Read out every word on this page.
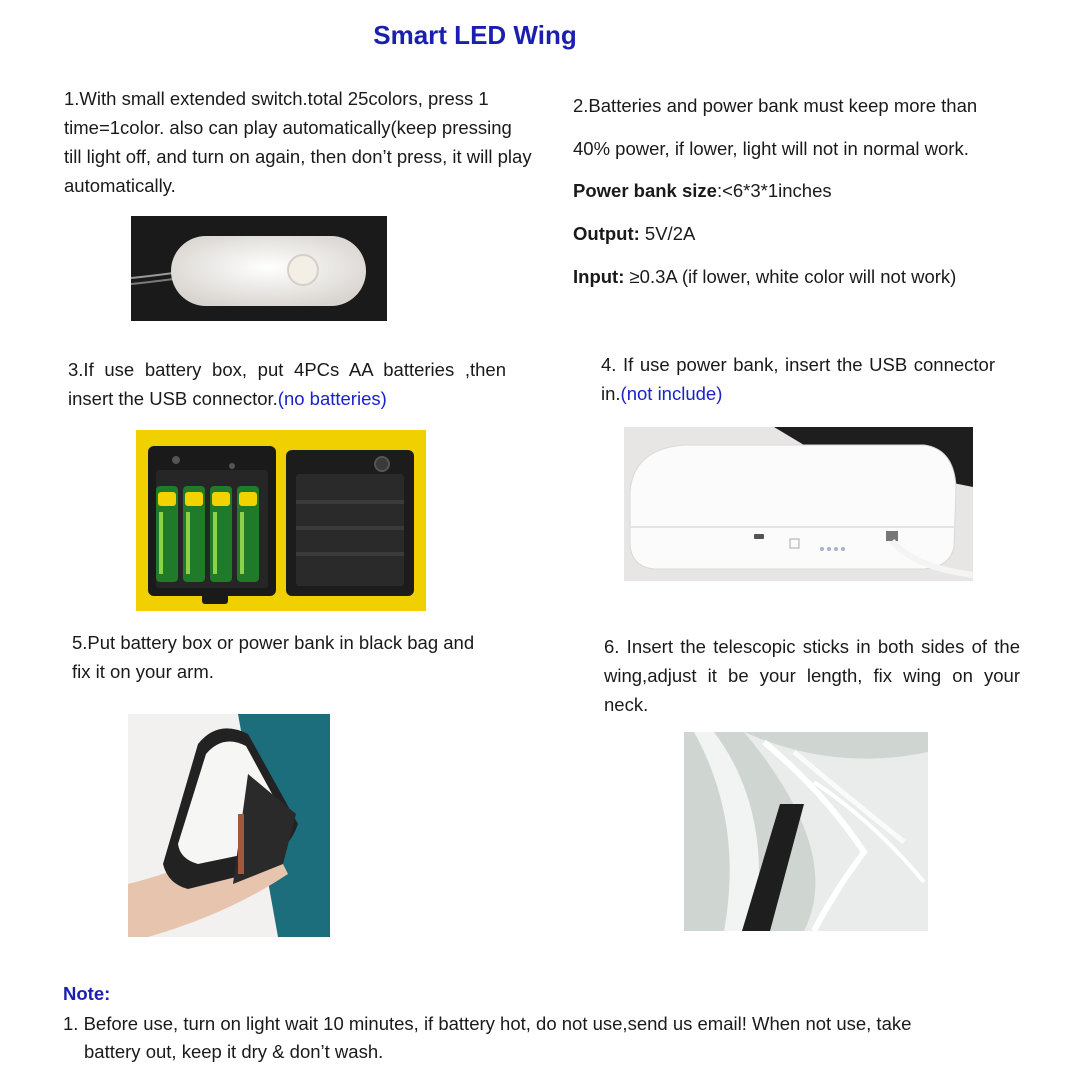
Smart LED Wing
1.With small extended switch.total 25colors, press 1 time=1color. also can play automatically(keep pressing till light off, and turn on again, then don’t press, it will play automatically.
2.Batteries and power bank must keep more than
40% power, if lower, light will not in normal work.
Power bank size:<6*3*1inches
Output: 5V/2A
Input: ≥0.3A (if lower, white color will not work)
3.If use battery box, put 4PCs AA batteries ,then insert the USB connector.(no batteries)
4. If use power bank, insert the USB connector in.(not include)
5.Put battery box or power bank in black bag and fix it on your arm.
6. Insert the telescopic sticks in both sides of the wing,adjust it be your length, fix wing on your neck.
Note:
1. Before use, turn on light wait 10 minutes, if battery hot, do not use,send us email! When not use, take
battery out, keep it dry & don’t wash.
